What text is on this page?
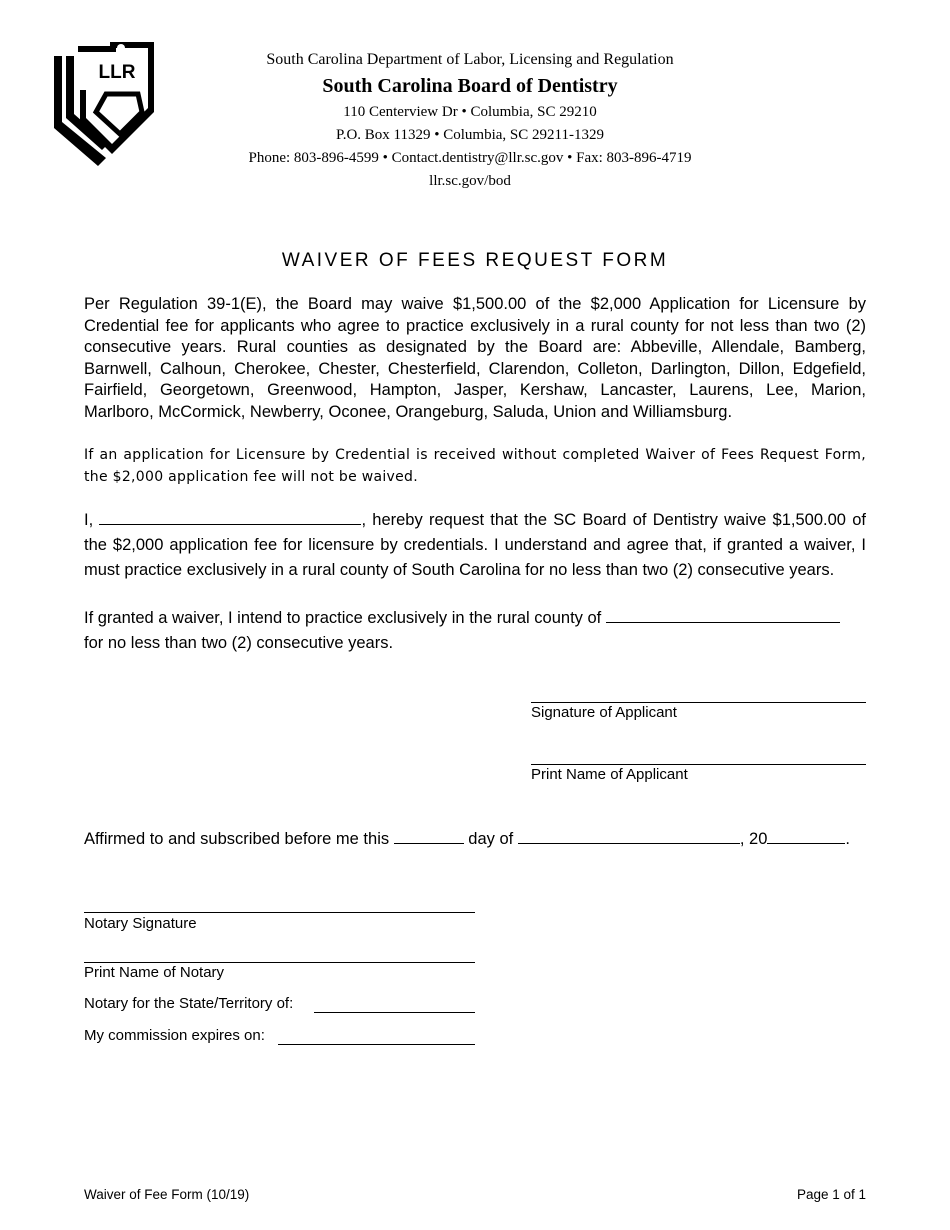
LLR
South Carolina Department of Labor, Licensing and Regulation
South Carolina Board of Dentistry
110 Centerview Dr • Columbia, SC 29210
P.O. Box 11329 • Columbia, SC 29211-1329
Phone: 803-896-4599 • Contact.dentistry@llr.sc.gov • Fax: 803-896-4719
llr.sc.gov/bod
WAIVER OF FEES REQUEST FORM
Per Regulation 39-1(E), the Board may waive $1,500.00 of the $2,000 Application for Licensure by Credential fee for applicants who agree to practice exclusively in a rural county for not less than two (2) consecutive years. Rural counties as designated by the Board are: Abbeville, Allendale, Bamberg, Barnwell, Calhoun, Cherokee, Chester, Chesterfield, Clarendon, Colleton, Darlington, Dillon, Edgefield, Fairfield, Georgetown, Greenwood, Hampton, Jasper, Kershaw, Lancaster, Laurens, Lee, Marion, Marlboro, McCormick, Newberry, Oconee, Orangeburg, Saluda, Union and Williamsburg.
If an application for Licensure by Credential is received without completed Waiver of Fees Request Form, the $2,000 application fee will not be waived.
I,	, hereby request that the SC Board of Dentistry waive $1,500.00 of the $2,000 application fee for licensure by credentials. I understand and agree that, if granted a waiver, I must practice exclusively in a rural county of South Carolina for no less than two (2) consecutive years.
If granted a waiver, I intend to practice exclusively in the rural county of
for no less than two (2) consecutive years.
Signature of Applicant
Print Name of Applicant
Affirmed to and subscribed before me this	day of	, 20	.
Notary Signature
Print Name of Notary
Notary for the State/Territory of:
My commission expires on:
Waiver of Fee Form (10/19)	Page 1 of 1
